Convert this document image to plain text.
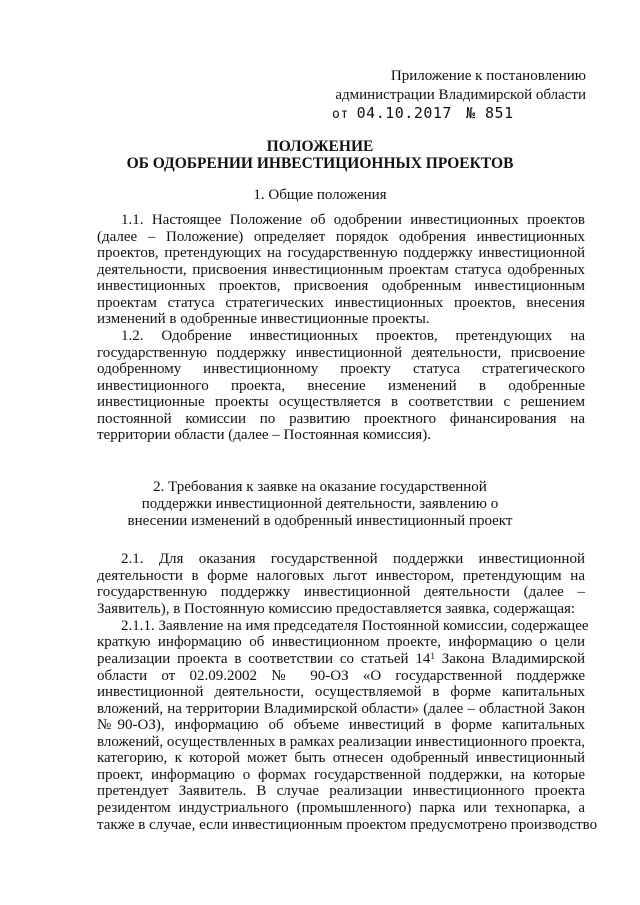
Приложение к постановлению
администрации Владимирской области
от 04.10.2017 № 851
ПОЛОЖЕНИЕ
ОБ ОДОБРЕНИИ ИНВЕСТИЦИОННЫХ ПРОЕКТОВ
1. Общие положения
1.1. Настоящее Положение об одобрении инвестиционных проектов
(далее – Положение) определяет порядок одобрения инвестиционных
проектов, претендующих на государственную поддержку инвестиционной
деятельности, присвоения инвестиционным проектам статуса одобренных
инвестиционных проектов, присвоения одобренным инвестиционным
проектам статуса стратегических инвестиционных проектов, внесения
изменений в одобренные инвестиционные проекты.
1.2. Одобрение инвестиционных проектов, претендующих на
государственную поддержку инвестиционной деятельности, присвоение
одобренному инвестиционному проекту статуса стратегического
инвестиционного проекта, внесение изменений в одобренные
инвестиционные проекты осуществляется в соответствии с решением
постоянной комиссии по развитию проектного финансирования на
территории области (далее – Постоянная комиссия).
2. Требования к заявке на оказание государственной
поддержки инвестиционной деятельности, заявлению о
внесении изменений в одобренный инвестиционный проект
2.1. Для оказания государственной поддержки инвестиционной
деятельности в форме налоговых льгот инвестором, претендующим на
государственную поддержку инвестиционной деятельности (далее –
Заявитель), в Постоянную комиссию предоставляется заявка, содержащая:
2.1.1. Заявление на имя председателя Постоянной комиссии, содержащее
краткую информацию об инвестиционном проекте, информацию о цели
реализации проекта в соответствии со статьей $14^1$ Закона Владимирской
области от 02.09.2002 № 90-ОЗ «О государственной поддержке
инвестиционной деятельности, осуществляемой в форме капитальных
вложений, на территории Владимирской области» (далее – областной Закон
№90-ОЗ), информацию об объеме инвестиций в форме капитальных
вложений, осуществленных в рамках реализации инвестиционного проекта,
категорию, к которой может быть отнесен одобренный инвестиционный
проект, информацию о формах государственной поддержки, на которые
претендует Заявитель. В случае реализации инвестиционного проекта
резидентом индустриального (промышленного) парка или технопарка, а
также в случае, если инвестиционным проектом предусмотрено производство
